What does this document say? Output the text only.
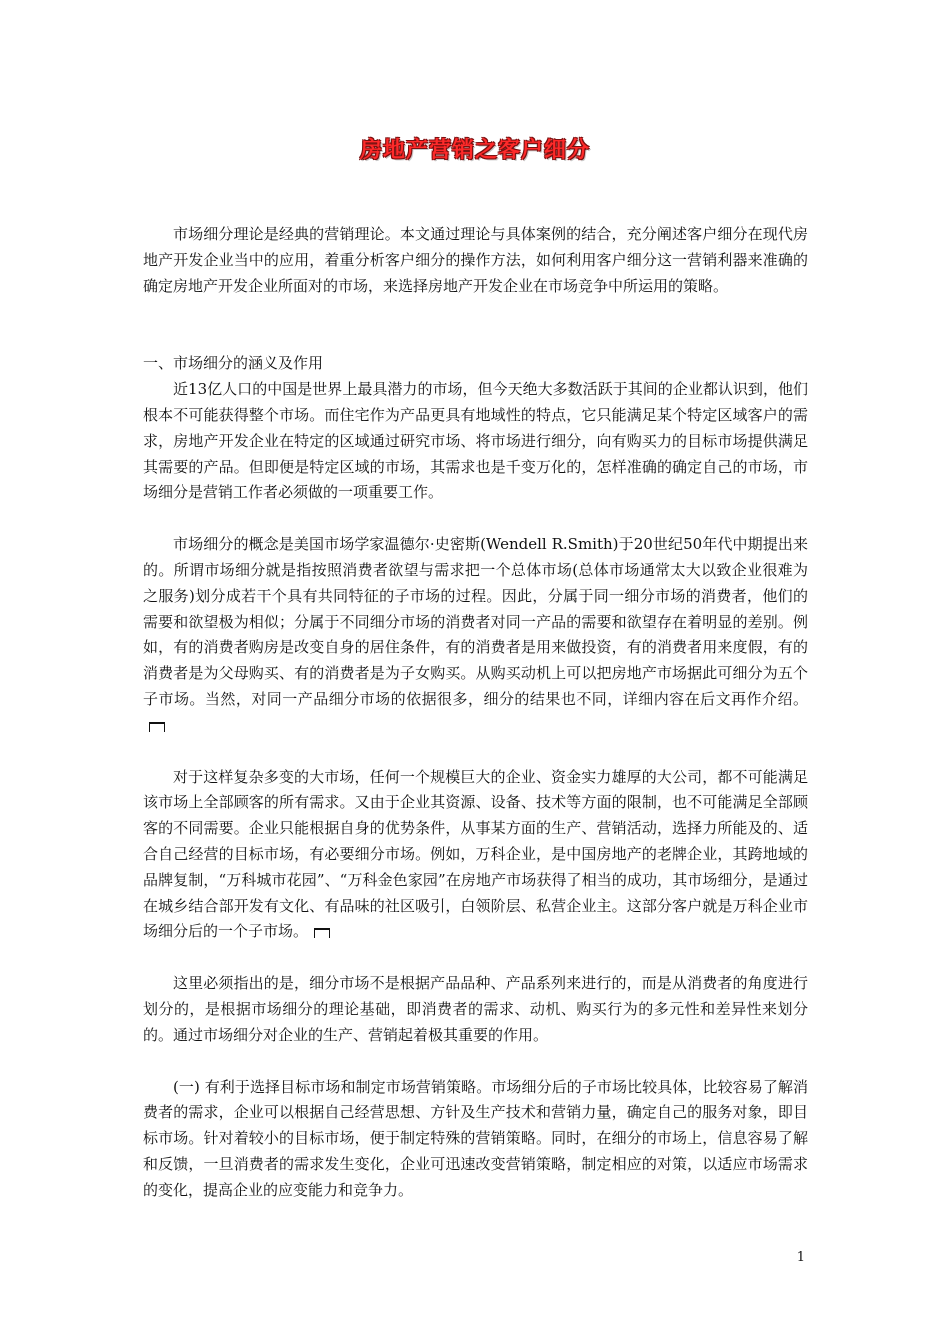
房地产营销之客户细分

市场细分理论是经典的营销理论。本文通过理论与具体案例的结合，充分阐述客户细分在现代房地产开发企业当中的应用，着重分析客户细分的操作方法，如何利用客户细分这一营销利器来准确的确定房地产开发企业所面对的市场，来选择房地产开发企业在市场竞争中所运用的策略。

一、市场细分的涵义及作用

近13亿人口的中国是世界上最具潜力的市场，但今天绝大多数活跃于其间的企业都认识到，他们根本不可能获得整个市场。而住宅作为产品更具有地域性的特点，它只能满足某个特定区域客户的需求，房地产开发企业在特定的区域通过研究市场、将市场进行细分，向有购买力的目标市场提供满足其需要的产品。但即便是特定区域的市场，其需求也是千变万化的，怎样准确的确定自己的市场，市场细分是营销工作者必须做的一项重要工作。

市场细分的概念是美国市场学家温德尔·史密斯(Wendell R.Smith)于20世纪50年代中期提出来的。所谓市场细分就是指按照消费者欲望与需求把一个总体市场(总体市场通常太大以致企业很难为之服务)划分成若干个具有共同特征的子市场的过程。因此，分属于同一细分市场的消费者，他们的需要和欲望极为相似；分属于不同细分市场的消费者对同一产品的需要和欲望存在着明显的差别。例如，有的消费者购房是改变自身的居住条件，有的消费者是用来做投资，有的消费者用来度假，有的消费者是为父母购买、有的消费者是为子女购买。从购买动机上可以把房地产市场据此可细分为五个子市场。当然，对同一产品细分市场的依据很多，细分的结果也不同，详细内容在后文再作介绍。

对于这样复杂多变的大市场，任何一个规模巨大的企业、资金实力雄厚的大公司，都不可能满足该市场上全部顾客的所有需求。又由于企业其资源、设备、技术等方面的限制，也不可能满足全部顾客的不同需要。企业只能根据自身的优势条件，从事某方面的生产、营销活动，选择力所能及的、适合自己经营的目标市场，有必要细分市场。例如，万科企业，是中国房地产的老牌企业，其跨地域的品牌复制，“万科城市花园”、“万科金色家园”在房地产市场获得了相当的成功，其市场细分，是通过在城乡结合部开发有文化、有品味的社区吸引，白领阶层、私营企业主。这部分客户就是万科企业市场细分后的一个子市场。

这里必须指出的是，细分市场不是根据产品品种、产品系列来进行的，而是从消费者的角度进行划分的，是根据市场细分的理论基础，即消费者的需求、动机、购买行为的多元性和差异性来划分的。通过市场细分对企业的生产、营销起着极其重要的作用。

(一) 有利于选择目标市场和制定市场营销策略。市场细分后的子市场比较具体，比较容易了解消费者的需求，企业可以根据自己经营思想、方针及生产技术和营销力量，确定自己的服务对象，即目标市场。针对着较小的目标市场，便于制定特殊的营销策略。同时，在细分的市场上，信息容易了解和反馈，一旦消费者的需求发生变化，企业可迅速改变营销策略，制定相应的对策，以适应市场需求的变化，提高企业的应变能力和竞争力。

1
